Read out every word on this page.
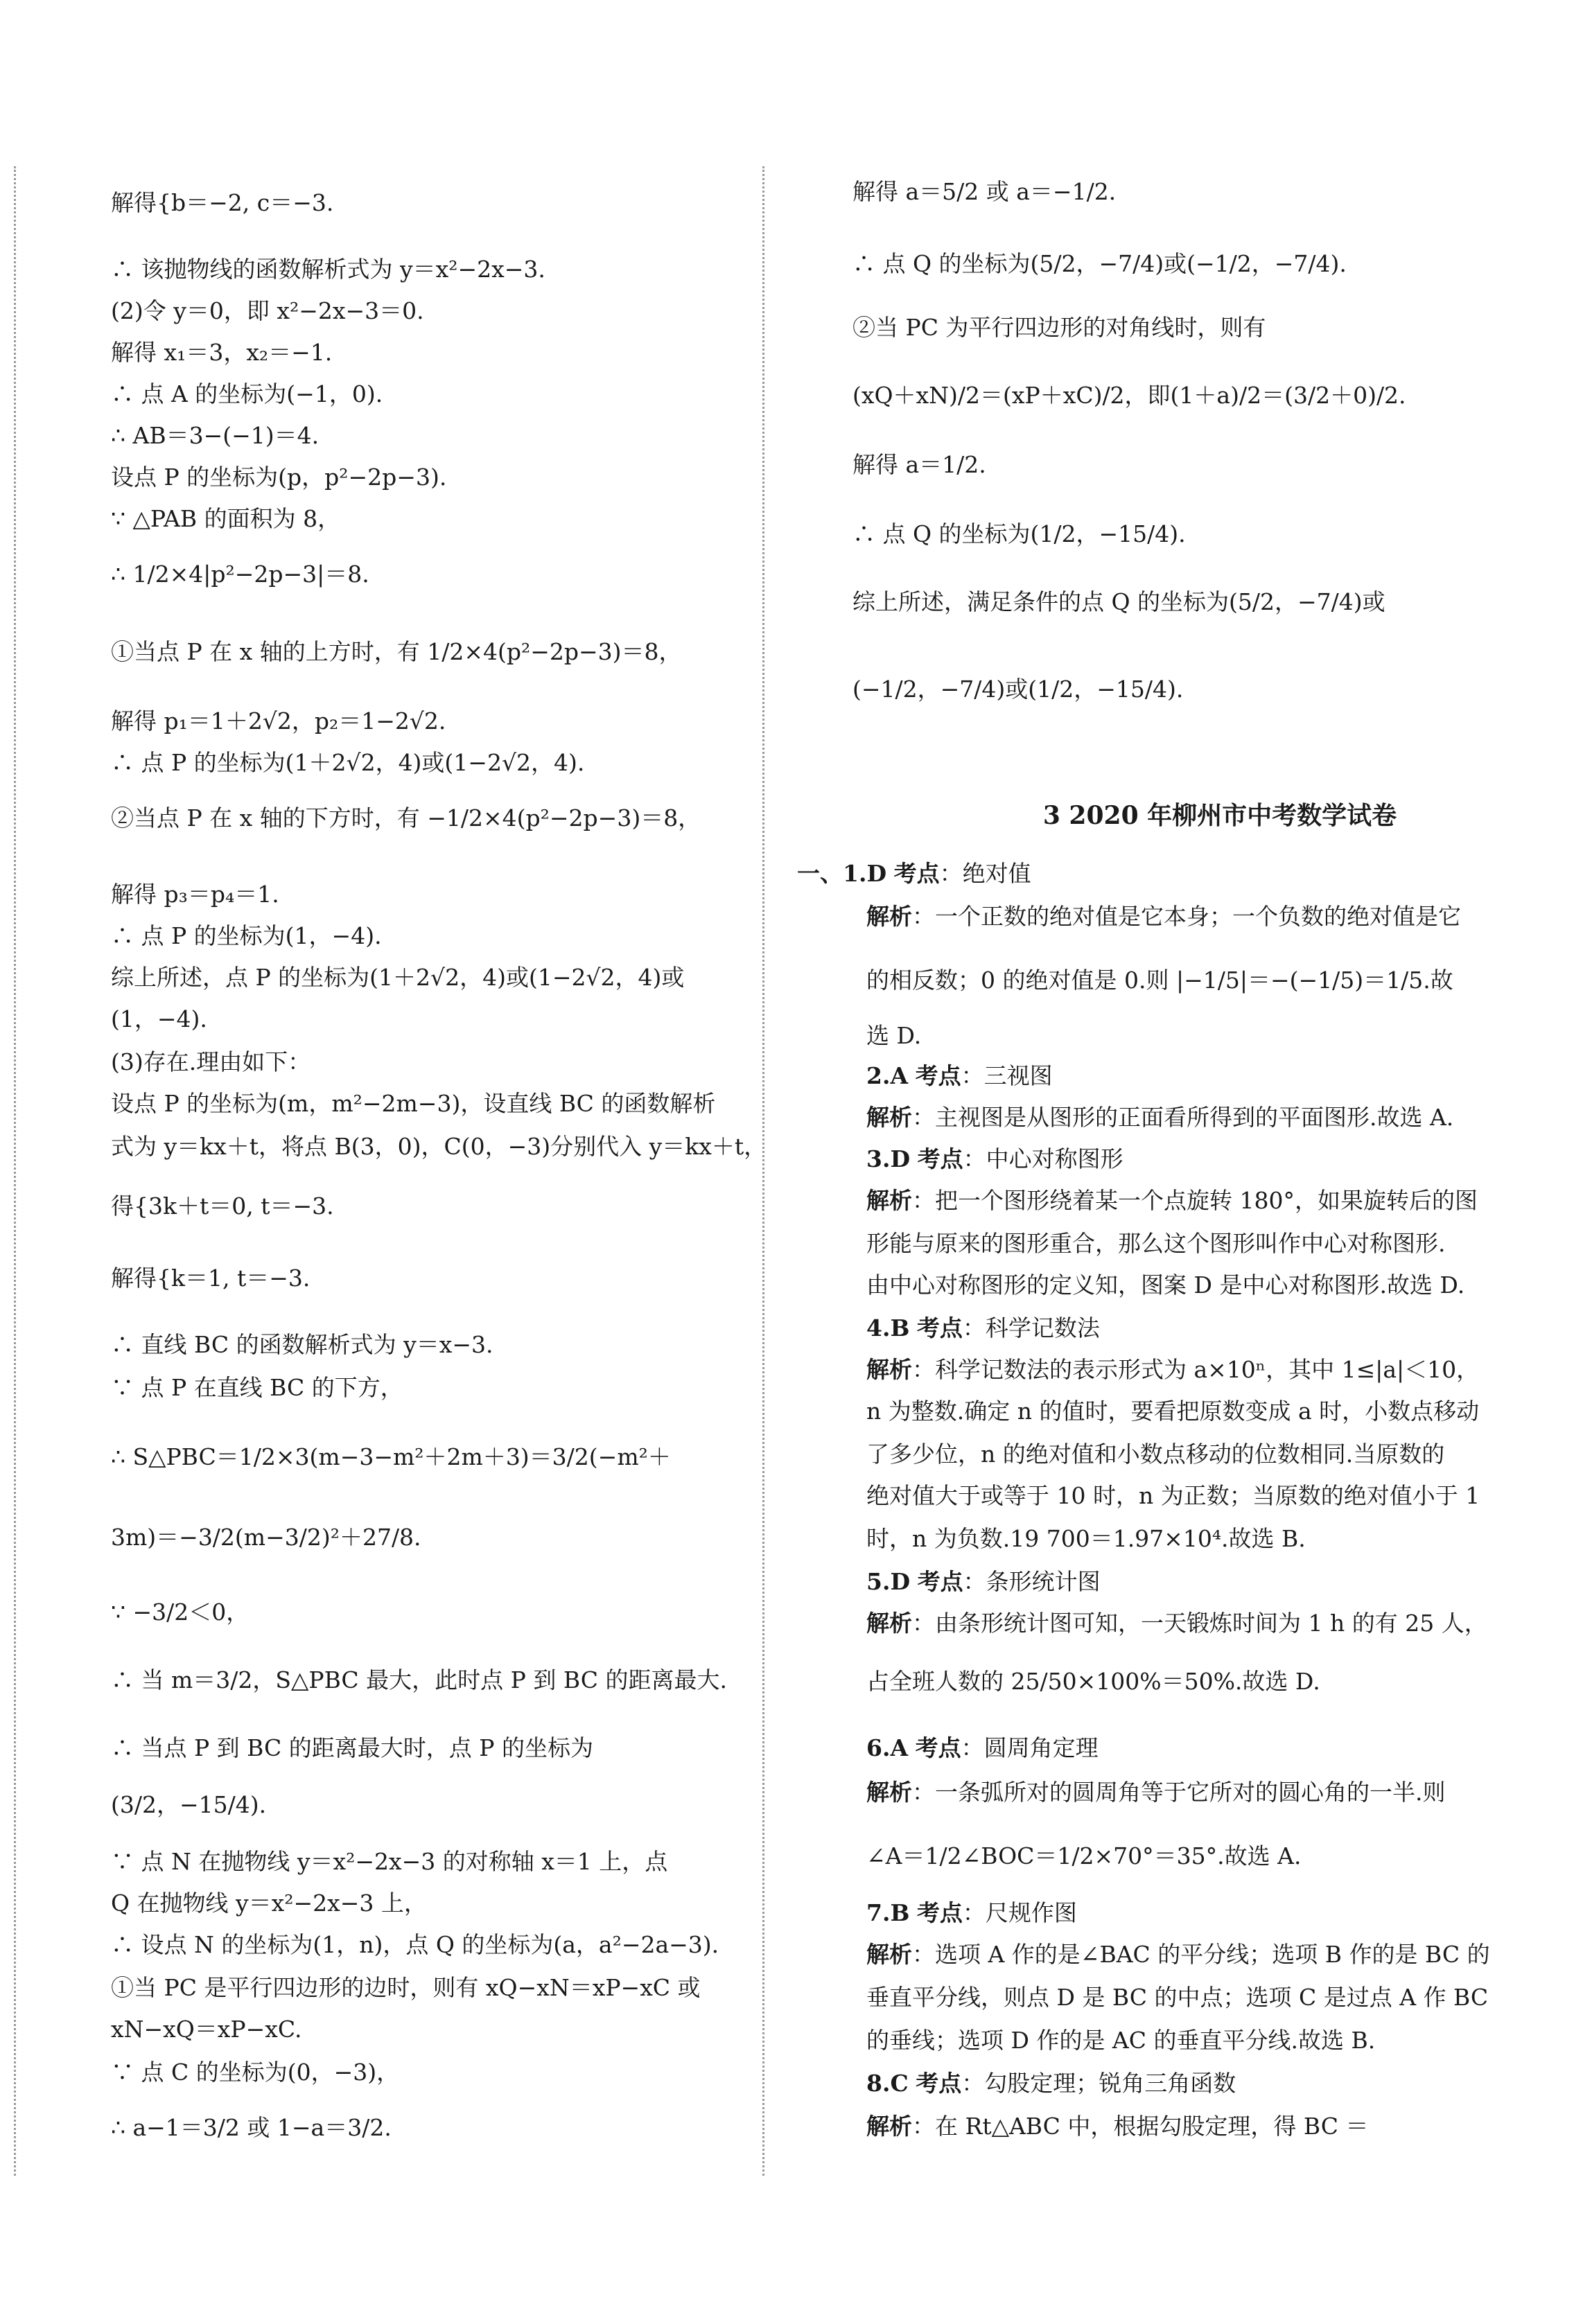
解得{b＝−2, c＝−3.
∴ 该抛物线的函数解析式为 y＝x²−2x−3.
(2)令 y＝0，即 x²−2x−3＝0.
解得 x₁＝3，x₂＝−1.
∴ 点 A 的坐标为(−1，0).
∴ AB＝3−(−1)＝4.
设点 P 的坐标为(p，p²−2p−3).
∵ △PAB 的面积为 8，
∴ 1/2×4|p²−2p−3|＝8.
①当点 P 在 x 轴的上方时，有 1/2×4(p²−2p−3)＝8，
解得 p₁＝1＋2√2，p₂＝1−2√2.
∴ 点 P 的坐标为(1＋2√2，4)或(1−2√2，4).
②当点 P 在 x 轴的下方时，有 −1/2×4(p²−2p−3)＝8，
解得 p₃＝p₄＝1.
∴ 点 P 的坐标为(1，−4).
综上所述，点 P 的坐标为(1＋2√2，4)或(1−2√2，4)或
(1，−4).
(3)存在.理由如下：
设点 P 的坐标为(m，m²−2m−3)，设直线 BC 的函数解析
式为 y＝kx＋t，将点 B(3，0)，C(0，−3)分别代入 y＝kx＋t，
得{3k＋t＝0, t＝−3.
解得{k＝1, t＝−3.
∴ 直线 BC 的函数解析式为 y＝x−3.
∵ 点 P 在直线 BC 的下方，
∴ S△PBC＝1/2×3(m−3−m²＋2m＋3)＝3/2(−m²＋
3m)＝−3/2(m−3/2)²＋27/8.
∵ −3/2＜0，
∴ 当 m＝3/2，S△PBC 最大，此时点 P 到 BC 的距离最大.
∴ 当点 P 到 BC 的距离最大时，点 P 的坐标为
(3/2，−15/4).
∵ 点 N 在抛物线 y＝x²−2x−3 的对称轴 x＝1 上，点
Q 在抛物线 y＝x²−2x−3 上，
∴ 设点 N 的坐标为(1，n)，点 Q 的坐标为(a，a²−2a−3).
①当 PC 是平行四边形的边时，则有 xQ−xN＝xP−xC 或
xN−xQ＝xP−xC.
∵ 点 C 的坐标为(0，−3)，
∴ a−1＝3/2 或 1−a＝3/2.
3 2020 年柳州市中考数学试卷
解得 a＝5/2 或 a＝−1/2.
∴ 点 Q 的坐标为(5/2，−7/4)或(−1/2，−7/4).
②当 PC 为平行四边形的对角线时，则有
(xQ＋xN)/2＝(xP＋xC)/2，即(1＋a)/2＝(3/2＋0)/2.
解得 a＝1/2.
∴ 点 Q 的坐标为(1/2，−15/4).
综上所述，满足条件的点 Q 的坐标为(5/2，−7/4)或
(−1/2，−7/4)或(1/2，−15/4).
一、1.D 考点：绝对值
解析：一个正数的绝对值是它本身；一个负数的绝对值是它
的相反数；0 的绝对值是 0.则 |−1/5|＝−(−1/5)＝1/5.故
选 D.
2.A 考点：三视图
解析：主视图是从图形的正面看所得到的平面图形.故选 A.
3.D 考点：中心对称图形
解析：把一个图形绕着某一个点旋转 180°，如果旋转后的图
形能与原来的图形重合，那么这个图形叫作中心对称图形.
由中心对称图形的定义知，图案 D 是中心对称图形.故选 D.
4.B 考点：科学记数法
解析：科学记数法的表示形式为 a×10ⁿ，其中 1≤|a|＜10，
n 为整数.确定 n 的值时，要看把原数变成 a 时，小数点移动
了多少位，n 的绝对值和小数点移动的位数相同.当原数的
绝对值大于或等于 10 时，n 为正数；当原数的绝对值小于 1
时，n 为负数.19 700＝1.97×10⁴.故选 B.
5.D 考点：条形统计图
解析：由条形统计图可知，一天锻炼时间为 1 h 的有 25 人，
占全班人数的 25/50×100%＝50%.故选 D.
6.A 考点：圆周角定理
解析：一条弧所对的圆周角等于它所对的圆心角的一半.则
∠A＝1/2∠BOC＝1/2×70°＝35°.故选 A.
7.B 考点：尺规作图
解析：选项 A 作的是∠BAC 的平分线；选项 B 作的是 BC 的
垂直平分线，则点 D 是 BC 的中点；选项 C 是过点 A 作 BC
的垂线；选项 D 作的是 AC 的垂直平分线.故选 B.
8.C 考点：勾股定理；锐角三角函数
解析：在 Rt△ABC 中，根据勾股定理，得 BC ＝
